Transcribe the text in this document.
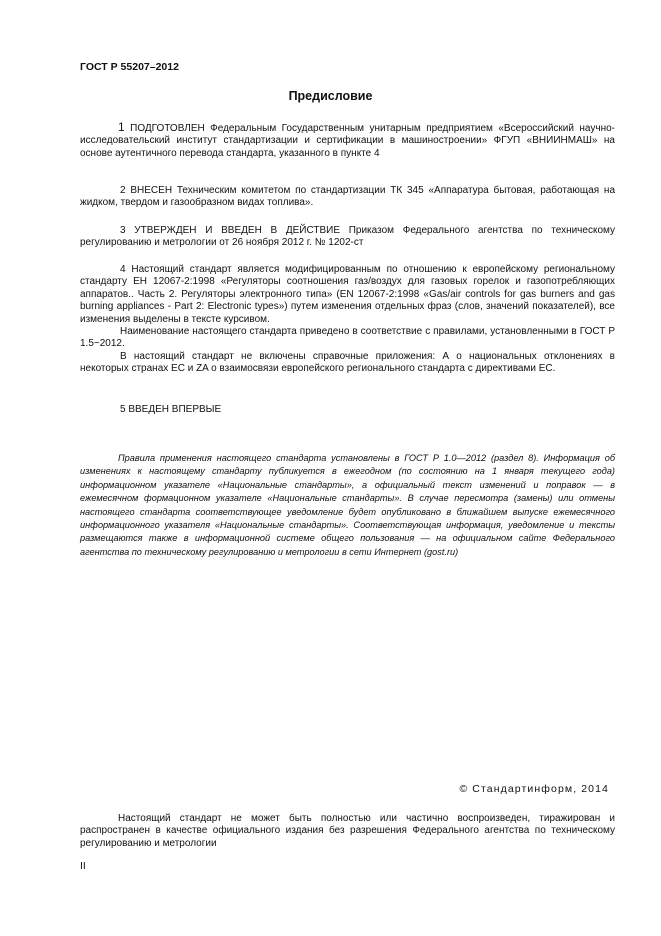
ГОСТ Р 55207–2012
Предисловие

1 ПОДГОТОВЛЕН Федеральным Государственным унитарным предприятием «Всероссийский научно-исследовательский институт стандартизации и сертификации в машиностроении» ФГУП «ВНИИНМАШ» на основе аутентичного перевода стандарта, указанного в пункте 4

2 ВНЕСЕН Техническим комитетом по стандартизации ТК 345 «Аппаратура бытовая, работающая на жидком, твердом и газообразном видах топлива».

3 УТВЕРЖДЕН И ВВЕДЕН В ДЕЙСТВИЕ Приказом Федерального агентства по техническому регулированию и метрологии от 26 ноября 2012 г. № 1202-ст

4 Настоящий стандарт является модифицированным по отношению к европейскому региональному стандарту ЕН 12067-2:1998 «Регуляторы соотношения газ/воздух для газовых горелок и газопотребляющих аппаратов.. Часть 2. Регуляторы электронного типа» (EN 12067-2:1998 «Gas/air controls for gas burners and gas burning appliances - Part 2: Electronic types») путем изменения отдельных фраз (слов, значений показателей), все изменения выделены в тексте курсивом.

Наименование настоящего стандарта приведено в соответствие с правилами, установленными в ГОСТ Р 1.5−2012.

В настоящий стандарт не включены справочные приложения: А о национальных отклонениях в некоторых странах ЕС и ZA о взаимосвязи европейского регионального стандарта с директивами ЕС.

5 ВВЕДЕН ВПЕРВЫЕ

Правила применения настоящего стандарта установлены в ГОСТ Р 1.0—2012 (раздел 8). Информация об изменениях к настоящему стандарту публикуется в ежегодном (по состоянию на 1 января текущего года) информационном указателе «Национальные стандарты», а официальный текст изменений и поправок — в ежемесячном формационном указателе «Национальные стандарты». В случае пересмотра (замены) или отмены настоящего стандарта соответствующее уведомление будет опубликовано в ближайшем выпуске ежемесячного информационного указателя «Национальные стандарты». Соответствующая информация, уведомление и тексты размещаются также в информационной системе общего пользования — на официальном сайте Федерального агентства по техническому регулированию и метрологии в сети Интернет (gost.ru)

© Стандартинформ, 2014

Настоящий стандарт не может быть полностью или частично воспроизведен, тиражирован и распространен в качестве официального издания без разрешения Федерального агентства по техническому регулированию и метрологии

II
